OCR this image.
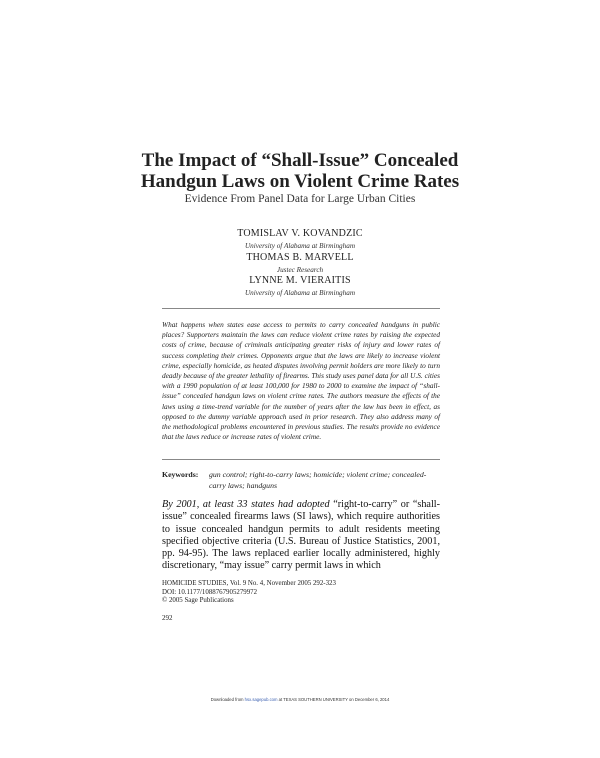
The Impact of “Shall-Issue” Concealed
Handgun Laws on Violent Crime Rates

Evidence From Panel Data for Large Urban Cities

TOMISLAV V. KOVANDZIC

University of Alabama at Birmingham

THOMAS B. MARVELL

Justec Research

LYNNE M. VIERAITIS

University of Alabama at Birmingham

What happens when states ease access to permits to carry concealed handguns in public places? Supporters maintain the laws can reduce violent crime rates by raising the expected costs of crime, because of criminals anticipating greater risks of injury and lower rates of success completing their crimes. Opponents argue that the laws are likely to increase violent crime, especially homicide, as heated disputes involving permit holders are more likely to turn deadly because of the greater lethality of firearms. This study uses panel data for all U.S. cities with a 1990 population of at least 100,000 for 1980 to 2000 to examine the impact of “shall-issue” concealed handgun laws on violent crime rates. The authors measure the effects of the laws using a time-trend variable for the number of years after the law has been in effect, as opposed to the dummy variable approach used in prior research. They also address many of the methodological problems encountered in previous studies. The results provide no evidence that the laws reduce or increase rates of violent crime.

Keywords: gun control; right-to-carry laws; homicide; violent crime; concealed-carry laws; handguns

By 2001, at least 33 states had adopted “right-to-carry” or “shall-issue” concealed firearms laws (SI laws), which require authorities to issue concealed handgun permits to adult residents meeting specified objective criteria (U.S. Bureau of Justice Statistics, 2001, pp. 94-95). The laws replaced earlier locally administered, highly discretionary, “may issue” carry permit laws in which

HOMICIDE STUDIES, Vol. 9 No. 4, November 2005 292-323
DOI: 10.1177/1088767905279972
© 2005 Sage Publications
292
Downloaded from hsx.sagepub.com at TEXAS SOUTHERN UNIVERSITY on December 6, 2014
